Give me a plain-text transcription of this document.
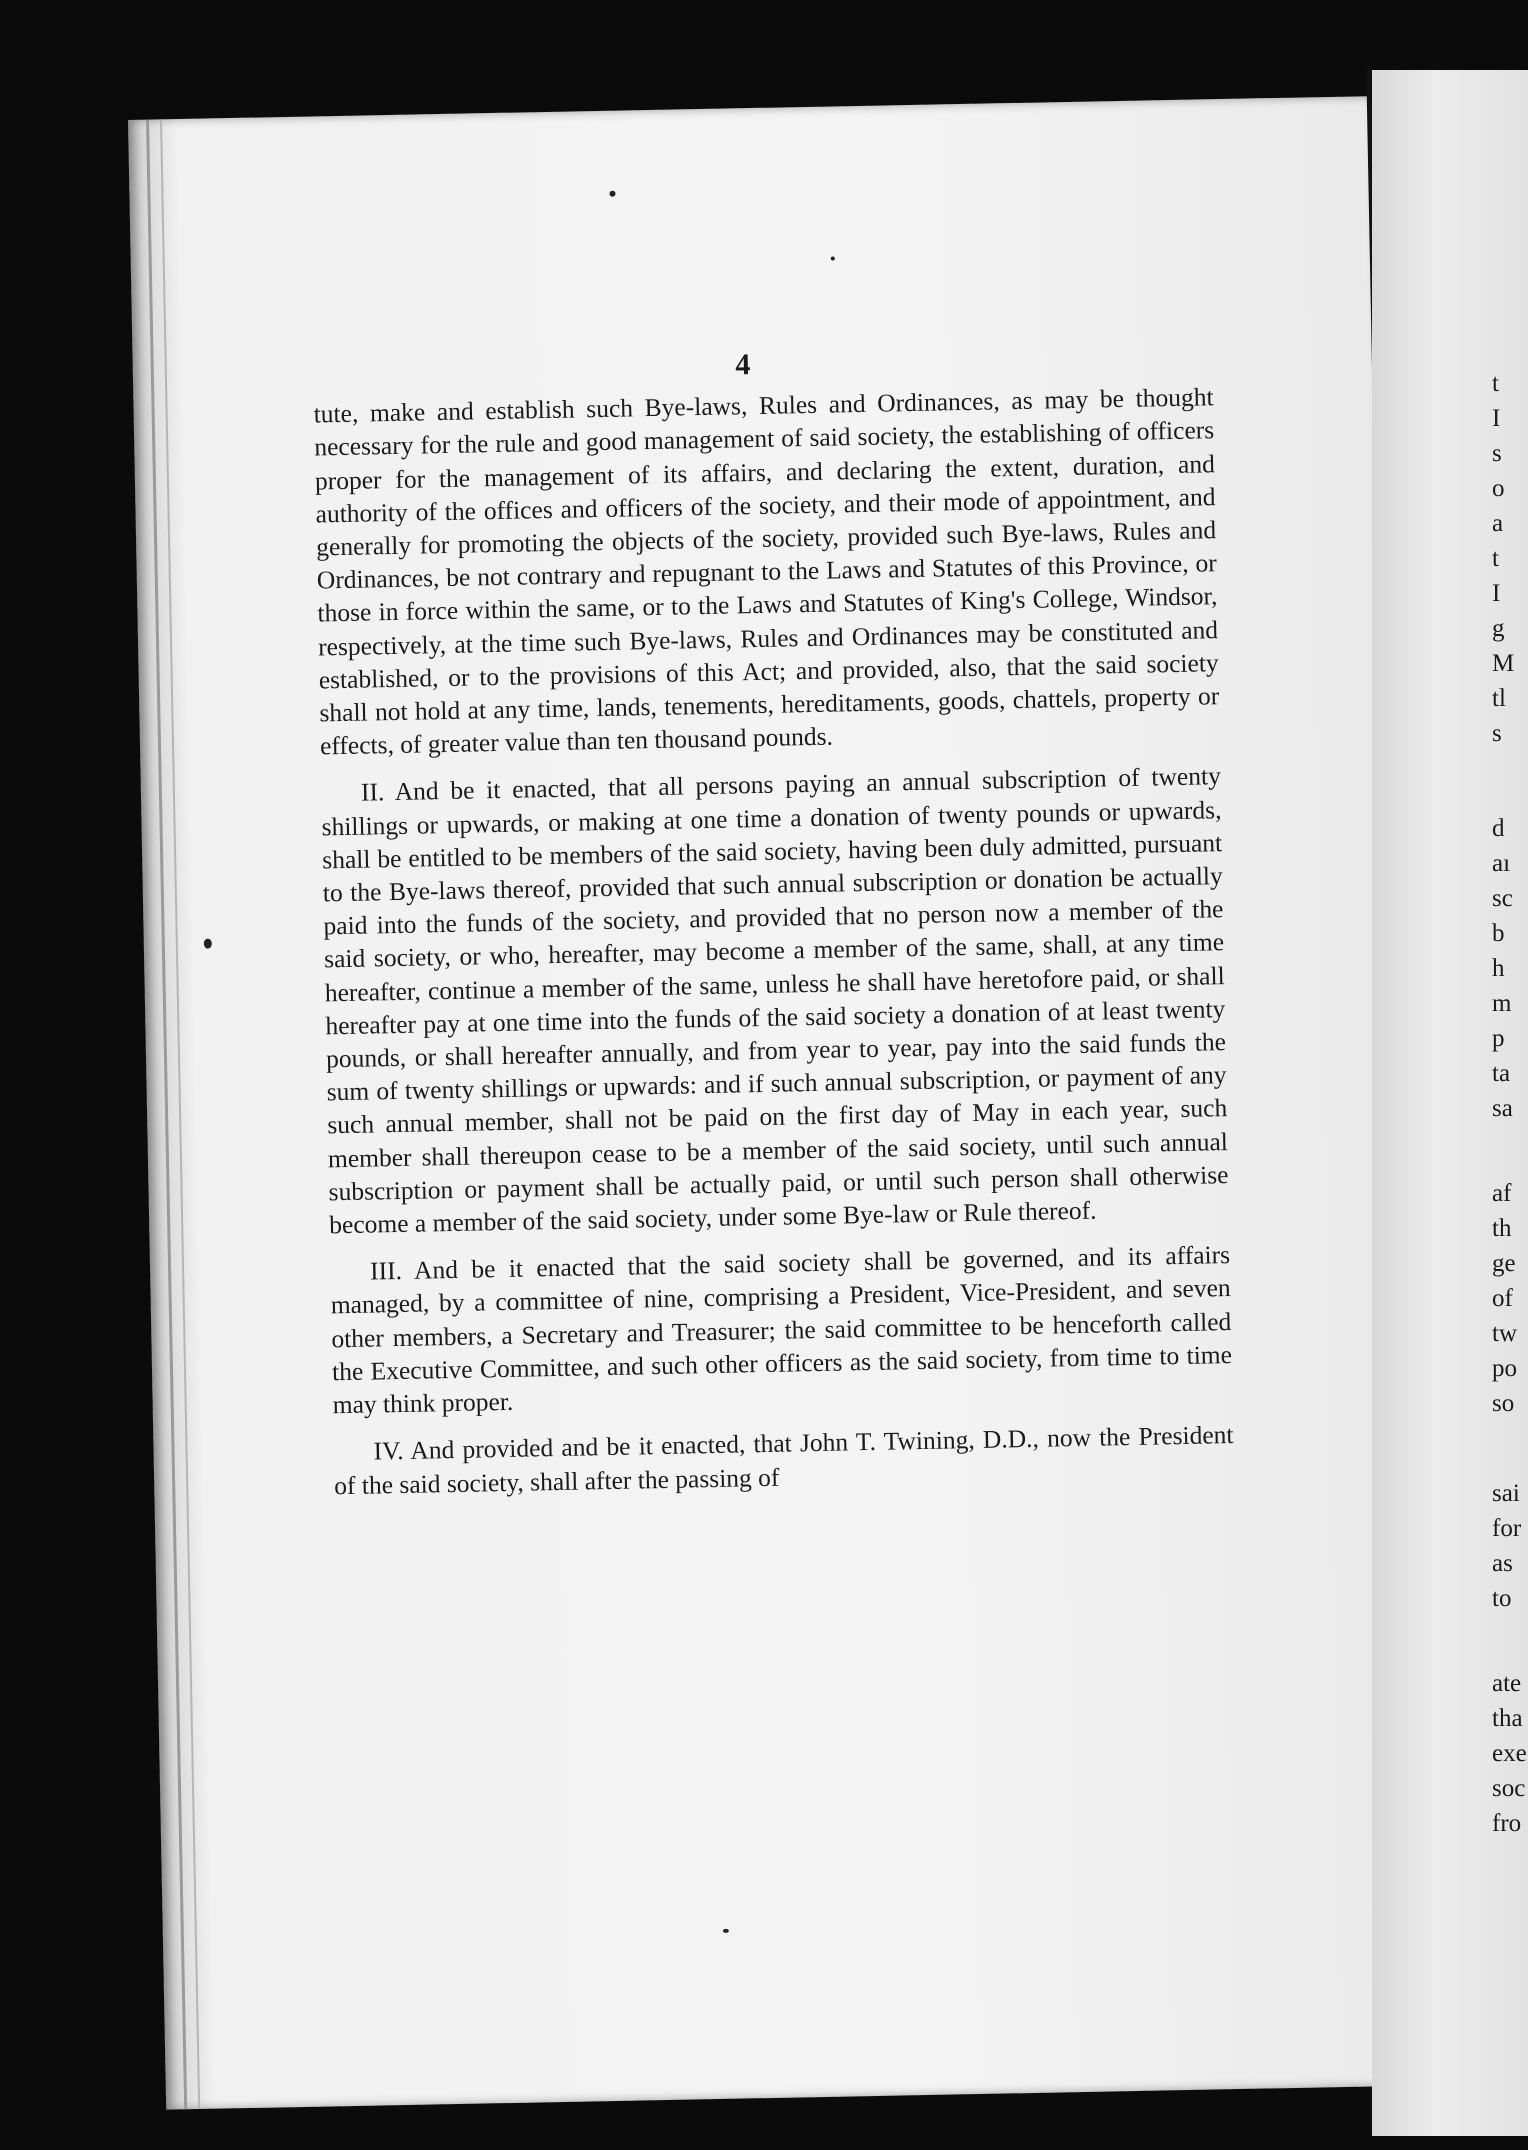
4

tute, make and establish such Bye-laws, Rules and Ordinances, as may be thought necessary for the rule and good management of said society, the establishing of officers proper for the management of its affairs, and declaring the extent, duration, and authority of the offices and officers of the society, and their mode of appointment, and generally for promoting the objects of the society, provided such Bye-laws, Rules and Ordinances, be not contrary and repugnant to the Laws and Statutes of this Province, or those in force within the same, or to the Laws and Statutes of King's College, Windsor, respectively, at the time such Bye-laws, Rules and Ordinances may be constituted and established, or to the provisions of this Act; and provided, also, that the said society shall not hold at any time, lands, tenements, hereditaments, goods, chattels, property or effects, of greater value than ten thousand pounds.

II. And be it enacted, that all persons paying an annual subscription of twenty shillings or upwards, or making at one time a donation of twenty pounds or upwards, shall be entitled to be members of the said society, having been duly admitted, pursuant to the Bye-laws thereof, provided that such annual subscription or donation be actually paid into the funds of the society, and provided that no person now a member of the said society, or who, hereafter, may become a member of the same, shall, at any time hereafter, continue a member of the same, unless he shall have heretofore paid, or shall hereafter pay at one time into the funds of the said society a donation of at least twenty pounds, or shall hereafter annually, and from year to year, pay into the said funds the sum of twenty shillings or upwards: and if such annual subscription, or payment of any such annual member, shall not be paid on the first day of May in each year, such member shall thereupon cease to be a member of the said society, until such annual subscription or payment shall be actually paid, or until such person shall otherwise become a member of the said society, under some Bye-law or Rule thereof.

III. And be it enacted that the said society shall be governed, and its affairs managed, by a committee of nine, comprising a President, Vice-President, and seven other members, a Secretary and Treasurer; the said committee to be henceforth called the Executive Committee, and such other officers as the said society, from time to time may think proper.

IV. And provided and be it enacted, that John T. Twining, D.D., now the President of the said society, shall after the passing of

t
I
s
o
a
t
I
g
M
tl
s
d
aı
sc
b
h
m
p
ta
sa
af
th
ge
of
tw
po
so
sai
for
as
to
ate
tha
exe
soc
fro
